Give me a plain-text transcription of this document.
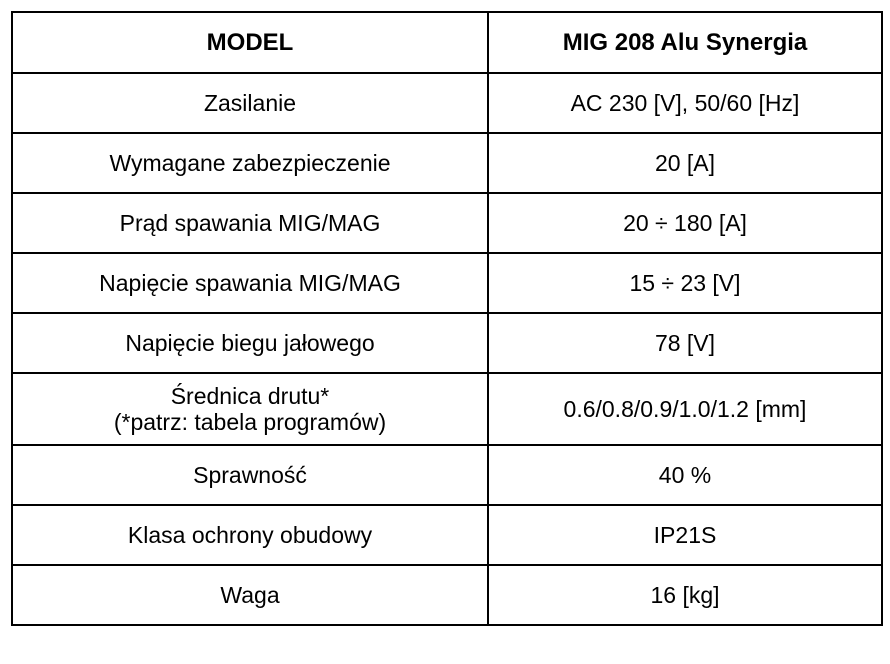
MODEL	MIG 208 Alu Synergia
Zasilanie	AC 230 [V], 50/60 [Hz]
Wymagane zabezpieczenie	20 [A]
Prąd spawania MIG/MAG	20 ÷ 180 [A]
Napięcie spawania MIG/MAG	15 ÷ 23 [V]
Napięcie biegu jałowego	78 [V]

Średnica drutu*
(*patrz: tabela programów)	0.6/0.8/0.9/1.0/1.2 [mm]
Sprawność	40 %
Klasa ochrony obudowy	IP21S
Waga	16 [kg]
